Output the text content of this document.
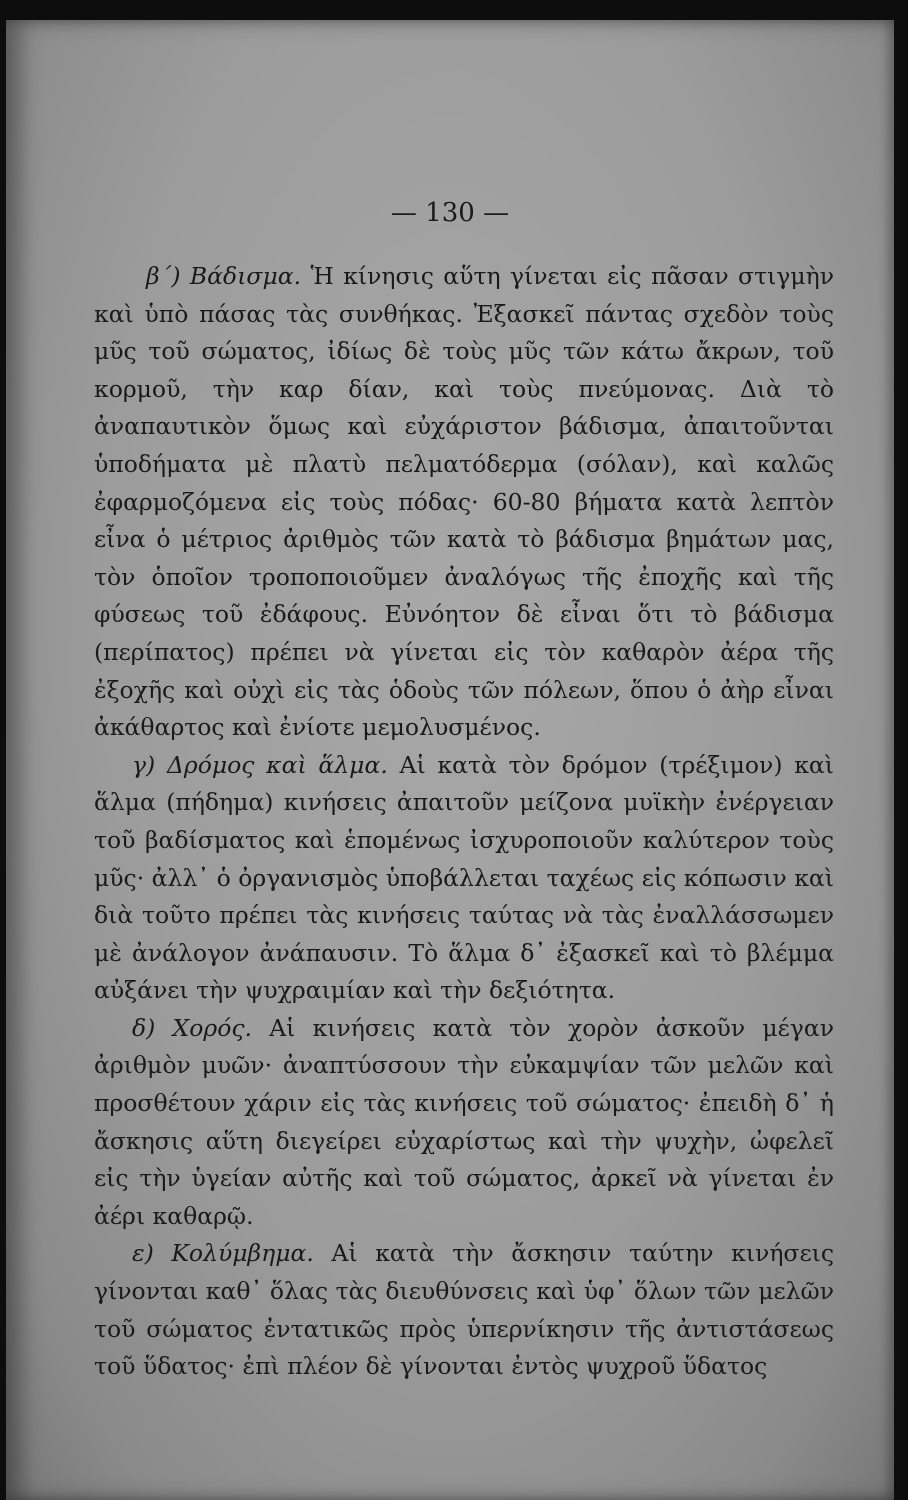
— 130 —

β΄) Βάδισμα. Ἡ κίνησις αὕτη γίνεται εἰς πᾶσαν στιγμὴν καὶ ὑπὸ πάσας τὰς συνθήκας. Ἐξασκεῖ πάντας σχεδὸν τοὺς μῦς τοῦ σώματος, ἰδίως δὲ τοὺς μῦς τῶν κάτω ἄκρων, τοῦ κορμοῦ, τὴν καρ δίαν, καὶ τοὺς πνεύμονας. Διὰ τὸ ἀναπαυτικὸν ὅμως καὶ εὐχάριστον βάδισμα, ἀπαιτοῦνται ὑποδήματα μὲ πλατὺ πελματόδερμα (σόλαν), καὶ καλῶς ἐφαρμοζόμενα εἰς τοὺς πόδας· 60-80 βήματα κατὰ λεπτὸν εἶνα ὁ μέτριος ἀριθμὸς τῶν κατὰ τὸ βάδισμα βημάτων μας, τὸν ὁποῖον τροποποιοῦμεν ἀναλόγως τῆς ἐποχῆς καὶ τῆς φύσεως τοῦ ἐδάφους. Εὐνόητον δὲ εἶναι ὅτι τὸ βάδισμα (περίπατος) πρέπει νὰ γίνεται εἰς τὸν καθαρὸν ἀέρα τῆς ἐξοχῆς καὶ οὐχὶ εἰς τὰς ὁδοὺς τῶν πόλεων, ὅπου ὁ ἀὴρ εἶναι ἀκάθαρτος καὶ ἐνίοτε μεμολυσμένος.

γ) Δρόμος καὶ ἅλμα. Αἱ κατὰ τὸν δρόμον (τρέξιμον) καὶ ἅλμα (πήδημα) κινήσεις ἀπαιτοῦν μείζονα μυϊκὴν ἐνέργειαν τοῦ βαδίσματος καὶ ἑπομένως ἰσχυροποιοῦν καλύτερον τοὺς μῦς· ἀλλ᾿ ὁ ὀργανισμὸς ὑποβάλλεται ταχέως εἰς κόπωσιν καὶ διὰ τοῦτο πρέπει τὰς κινήσεις ταύτας νὰ τὰς ἐναλλάσσωμεν μὲ ἀνάλογον ἀνάπαυσιν. Τὸ ἅλμα δ᾿ ἐξασκεῖ καὶ τὸ βλέμμα αὐξάνει τὴν ψυχραιμίαν καὶ τὴν δεξιότητα.

δ) Χορός. Αἱ κινήσεις κατὰ τὸν χορὸν ἀσκοῦν μέγαν ἀριθμὸν μυῶν· ἀναπτύσσουν τὴν εὐκαμψίαν τῶν μελῶν καὶ προσθέτουν χάριν εἰς τὰς κινήσεις τοῦ σώματος· ἐπειδὴ δ᾿ ἡ ἄσκησις αὕτη διεγείρει εὐχαρίστως καὶ τὴν ψυχὴν, ὠφελεῖ εἰς τὴν ὑγείαν αὐτῆς καὶ τοῦ σώματος, ἀρκεῖ νὰ γίνεται ἐν ἀέρι καθαρῷ.

ε) Κολύμβημα. Αἱ κατὰ τὴν ἄσκησιν ταύτην κινήσεις γίνονται καθ᾿ ὅλας τὰς διευθύνσεις καὶ ὑφ᾿ ὅλων τῶν μελῶν τοῦ σώματος ἐντατικῶς πρὸς ὑπερνίκησιν τῆς ἀντιστάσεως τοῦ ὕδατος· ἐπὶ πλέον δὲ γίνονται ἐντὸς ψυχροῦ ὕδατος
